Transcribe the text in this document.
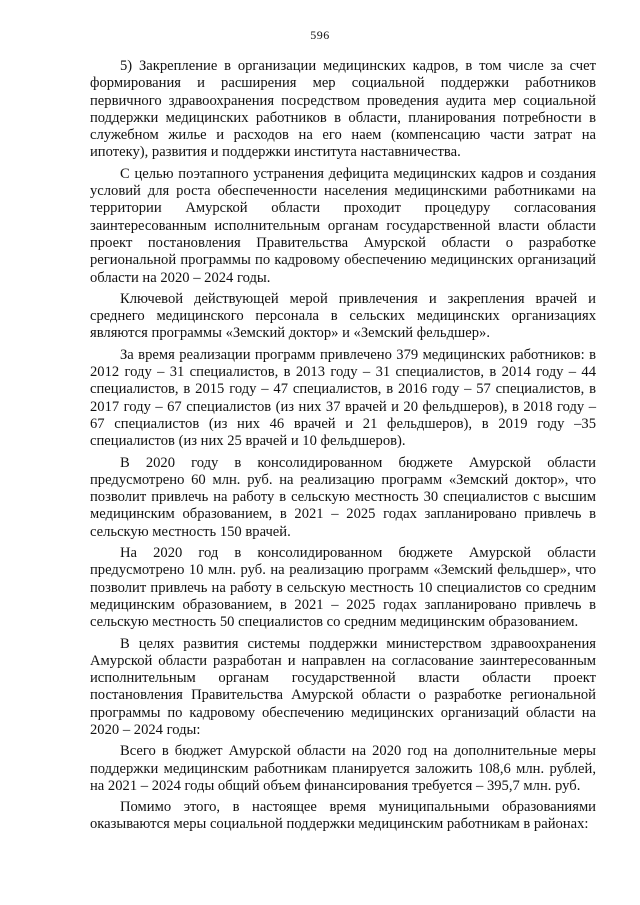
596

5) Закрепление в организации медицинских кадров, в том числе за счет формирования и расширения мер социальной поддержки работников первичного здравоохранения посредством проведения аудита мер социальной поддержки медицинских работников в области, планирования потребности в служебном жилье и расходов на его наем (компенсацию части затрат на ипотеку), развития и поддержки института наставничества.

С целью поэтапного устранения дефицита медицинских кадров и создания условий для роста обеспеченности населения медицинскими работниками на территории Амурской области проходит процедуру согласования заинтересованным исполнительным органам государственной власти области проект постановления Правительства Амурской области о разработке региональной программы по кадровому обеспечению медицинских организаций области на 2020 – 2024 годы.

Ключевой действующей мерой привлечения и закрепления врачей и среднего медицинского персонала в сельских медицинских организациях являются программы «Земский доктор» и «Земский фельдшер».

За время реализации программ привлечено 379 медицинских работников: в 2012 году – 31 специалистов, в 2013 году – 31 специалистов, в 2014 году – 44 специалистов, в 2015 году – 47 специалистов, в 2016 году – 57 специалистов, в 2017 году – 67 специалистов (из них 37 врачей и 20 фельдшеров), в 2018 году – 67 специалистов (из них 46 врачей и 21 фельдшеров), в 2019 году –35 специалистов (из них 25 врачей и 10 фельдшеров).

В 2020 году в консолидированном бюджете Амурской области предусмотрено 60 млн. руб. на реализацию программ «Земский доктор», что позволит привлечь на работу в сельскую местность 30 специалистов с высшим медицинским образованием, в 2021 – 2025 годах запланировано привлечь в сельскую местность 150 врачей.

На 2020 год в консолидированном бюджете Амурской области предусмотрено 10 млн. руб. на реализацию программ «Земский фельдшер», что позволит привлечь на работу в сельскую местность 10 специалистов со средним медицинским образованием, в 2021 – 2025 годах запланировано привлечь в сельскую местность 50 специалистов со средним медицинским образованием.

В целях развития системы поддержки министерством здравоохранения Амурской области разработан и направлен на согласование заинтересованным исполнительным органам государственной власти области проект постановления Правительства Амурской области о разработке региональной программы по кадровому обеспечению медицинских организаций области на 2020 – 2024 годы:

Всего в бюджет Амурской области на 2020 год на дополнительные меры поддержки медицинским работникам планируется заложить 108,6 млн. рублей, на 2021 – 2024 годы общий объем финансирования требуется – 395,7 млн. руб.

Помимо этого, в настоящее время муниципальными образованиями оказываются меры социальной поддержки медицинским работникам в районах:
